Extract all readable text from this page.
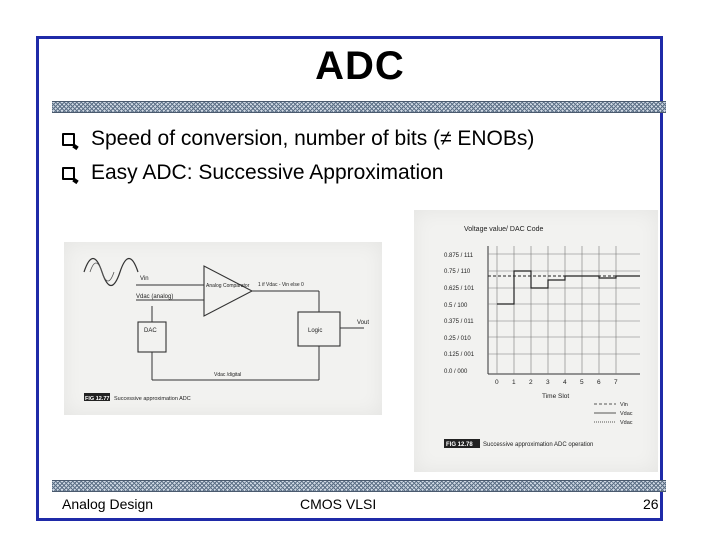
ADC
Speed of conversion, number of bits (≠ ENOBs)
Easy ADC: Successive Approximation
Vin
Vdac (analog)
Analog Comparator 1 if Vdac - Vin else 0
Logic
Vout
Vdac /digital
DAC
FIG 12.77 Successive approximation ADC
Voltage value/ DAC Code
0.875 / 111
0.75 / 110
0.625 / 101
0.5 / 100
0.375 / 011
0.25 / 010
0.125 / 001
0.0 / 000
0 1 2 3 4 5 6 7
Time Slot
Vin
Vdac
Vdac
FIG 12.78 Successive approximation ADC operation
Analog Design	CMOS VLSI	26
